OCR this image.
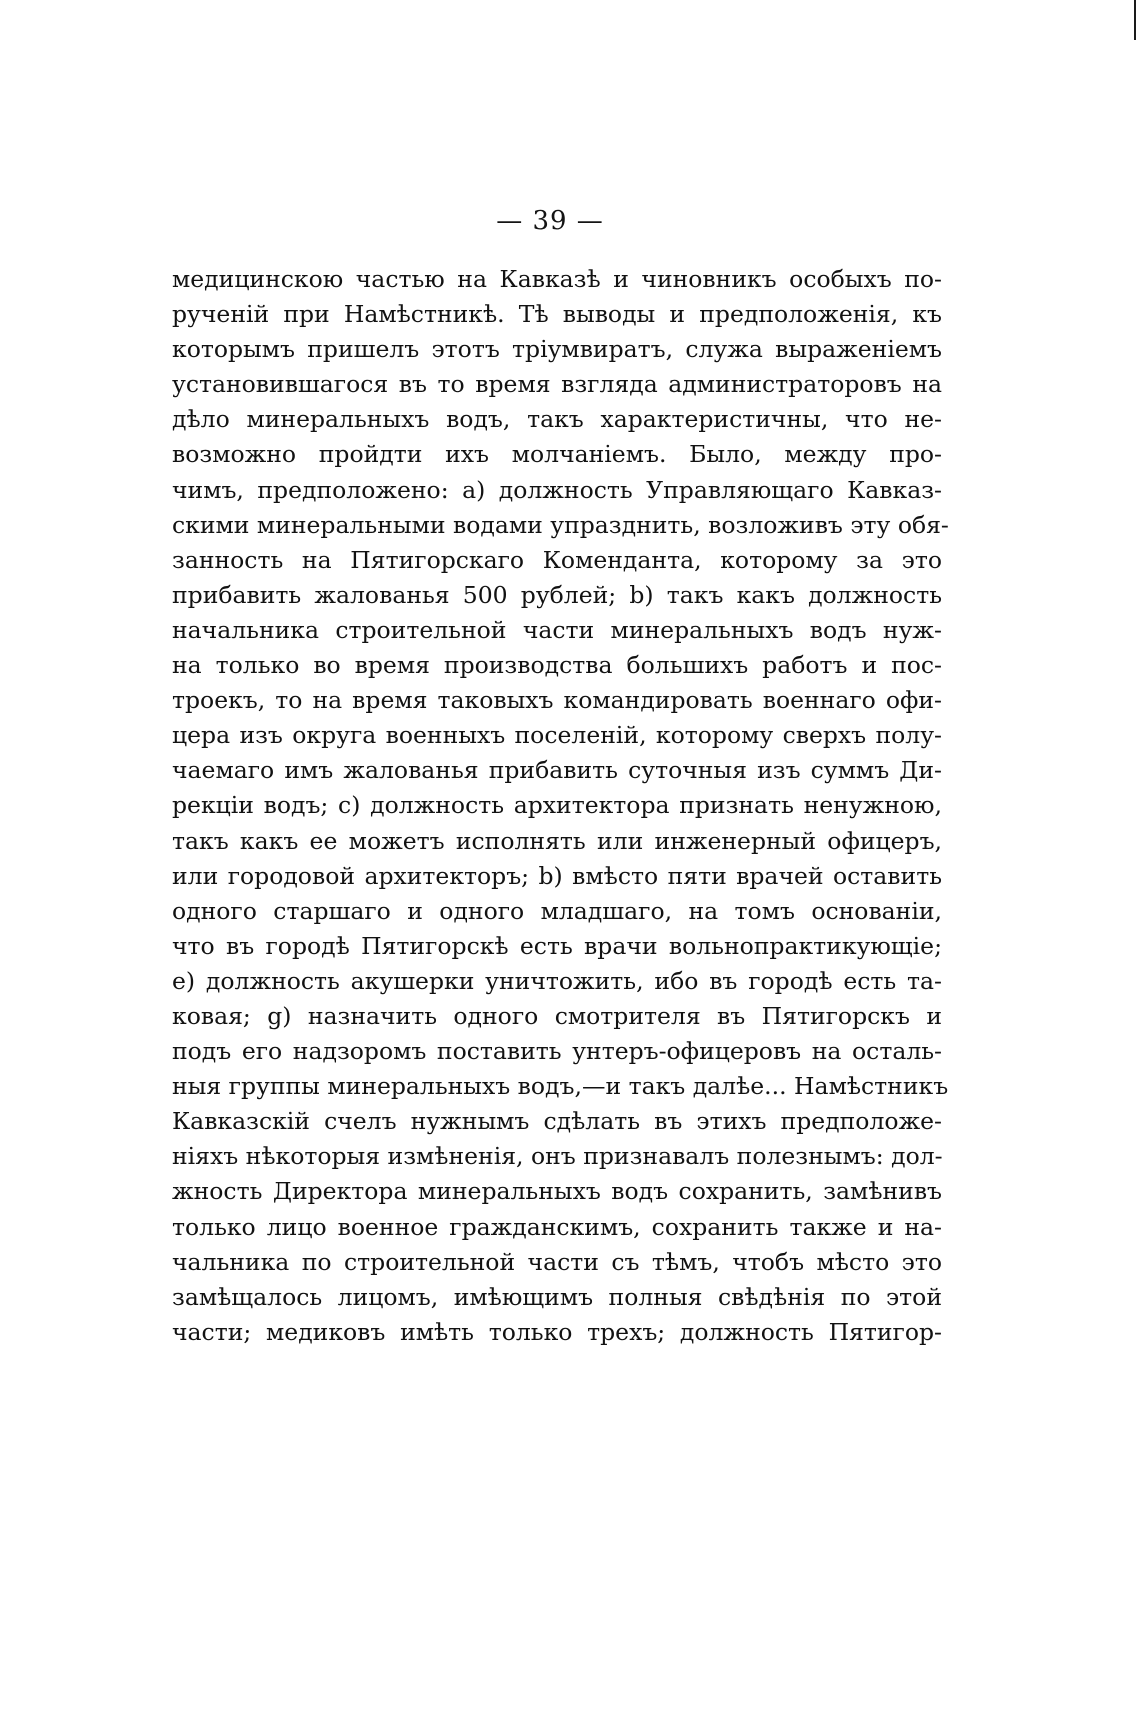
— 39 —
медицинскою частью на Кавказѣ и чиновникъ особыхъ по-
рученій при Намѣстникѣ. Тѣ выводы и предположенія, къ
которымъ пришелъ этотъ тріумвиратъ, служа выраженіемъ
установившагося въ то время взгляда администраторовъ на
дѣло минеральныхъ водъ, такъ характеристичны, что не-
возможно пройдти ихъ молчаніемъ. Было, между про-
чимъ, предположено: а) должность Управляющаго Кавказ-
скими минеральными водами упразднить, возложивъ эту обя-
занность на Пятигорскаго Коменданта, которому за это
прибавить жалованья 500 рублей; b) такъ какъ должность
начальника строительной части минеральныхъ водъ нуж-
на только во время производства большихъ работъ и пос-
троекъ, то на время таковыхъ командировать военнаго офи-
цера изъ округа военныхъ поселеній, которому сверхъ полу-
чаемаго имъ жалованья прибавить суточныя изъ суммъ Ди-
рекціи водъ; с) должность архитектора признать ненужною,
такъ какъ ее можетъ исполнять или инженерный офицеръ,
или городовой архитекторъ; b) вмѣсто пяти врачей оставить
одного старшаго и одного младшаго, на томъ основаніи,
что въ городѣ Пятигорскѣ есть врачи вольнопрактикующіе;
е) должность акушерки уничтожить, ибо въ городѣ есть та-
ковая; g) назначить одного смотрителя въ Пятигорскъ и
подъ его надзоромъ поставить унтеръ-офицеровъ на осталь-
ныя группы минеральныхъ водъ,—и такъ далѣе... Намѣстникъ
Кавказскій счелъ нужнымъ сдѣлать въ этихъ предположе-
ніяхъ нѣкоторыя измѣненія, онъ признавалъ полезнымъ: дол-
жность Директора минеральныхъ водъ сохранить, замѣнивъ
только лицо военное гражданскимъ, сохранить также и на-
чальника по строительной части съ тѣмъ, чтобъ мѣсто это
замѣщалось лицомъ, имѣющимъ полныя свѣдѣнія по этой
части; медиковъ имѣть только трехъ; должность Пятигор-
